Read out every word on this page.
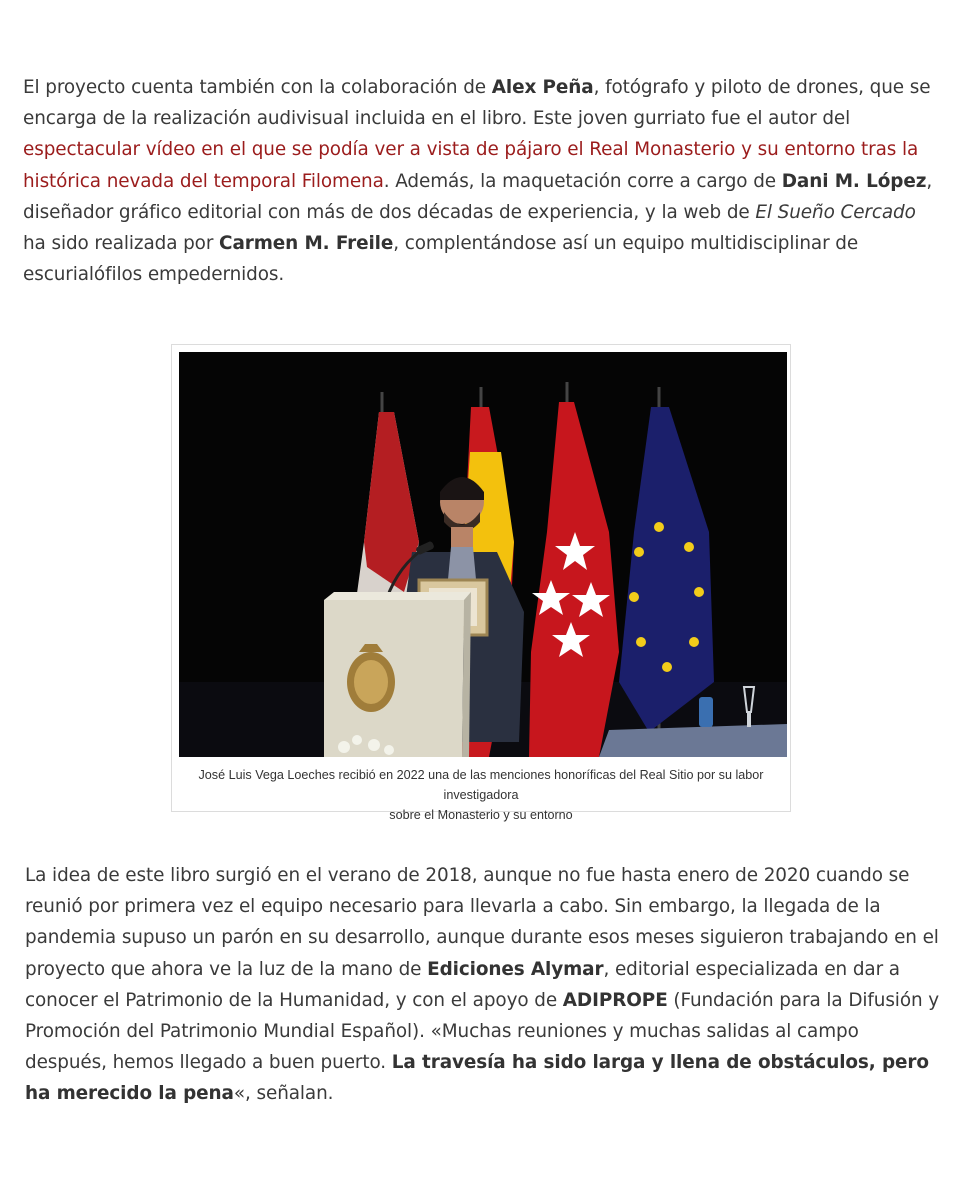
El proyecto cuenta también con la colaboración de Alex Peña, fotógrafo y piloto de drones, que se encarga de la realización audivisual incluida en el libro. Este joven gurriato fue el autor del espectacular vídeo en el que se podía ver a vista de pájaro el Real Monasterio y su entorno tras la histórica nevada del temporal Filomena. Además, la maquetación corre a cargo de Dani M. López, diseñador gráfico editorial con más de dos décadas de experiencia, y la web de El Sueño Cercado ha sido realizada por Carmen M. Freile, complentándose así un equipo multidisciplinar de escurialófilos empedernidos.

José Luis Vega Loeches recibió en 2022 una de las menciones honoríficas del Real Sitio por su labor investigadora
sobre el Monasterio y su entorno

La idea de este libro surgió en el verano de 2018, aunque no fue hasta enero de 2020 cuando se reunió por primera vez el equipo necesario para llevarla a cabo. Sin embargo, la llegada de la pandemia supuso un parón en su desarrollo, aunque durante esos meses siguieron trabajando en el proyecto que ahora ve la luz de la mano de Ediciones Alymar, editorial especializada en dar a conocer el Patrimonio de la Humanidad, y con el apoyo de ADIPROPE (Fundación para la Difusión y Promoción del Patrimonio Mundial Español). «Muchas reuniones y muchas salidas al campo después, hemos llegado a buen puerto. La travesía ha sido larga y llena de obstáculos, pero ha merecido la pena«, señalan.
